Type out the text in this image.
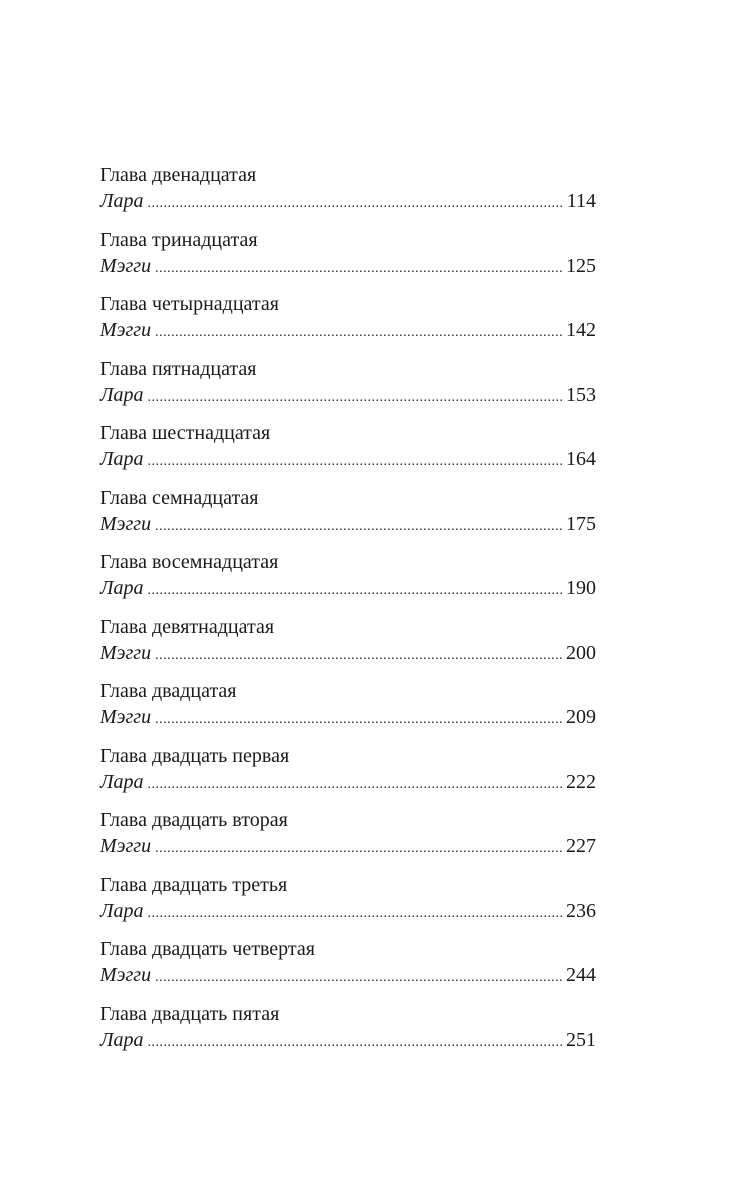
Глава двенадцатая
Лара .....	114
Глава тринадцатая
Мэгги .....	125
Глава четырнадцатая
Мэгги .....	142
Глава пятнадцатая
Лара .....	153
Глава шестнадцатая
Лара .....	164
Глава семнадцатая
Мэгги .....	175
Глава восемнадцатая
Лара .....	190
Глава девятнадцатая
Мэгги .....	200
Глава двадцатая
Мэгги .....	209
Глава двадцать первая
Лара .....	222
Глава двадцать вторая
Мэгги .....	227
Глава двадцать третья
Лара .....	236
Глава двадцать четвертая
Мэгги .....	244
Глава двадцать пятая
Лара .....	251
